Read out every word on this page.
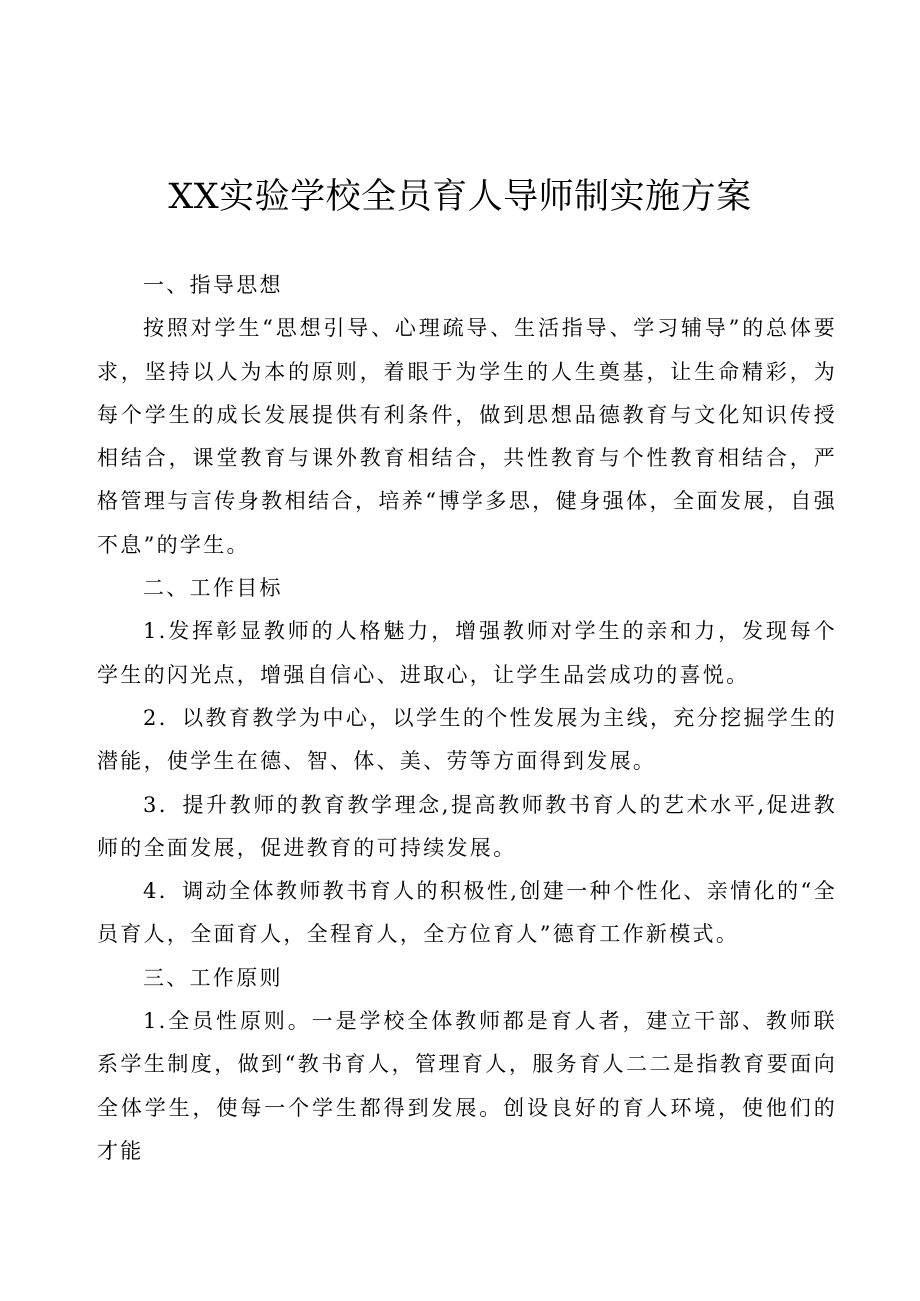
XX实验学校全员育人导师制实施方案

一、指导思想

按照对学生“思想引导、心理疏导、生活指导、学习辅导”的总体要求，坚持以人为本的原则，着眼于为学生的人生奠基，让生命精彩，为每个学生的成长发展提供有利条件，做到思想品德教育与文化知识传授相结合，课堂教育与课外教育相结合，共性教育与个性教育相结合，严格管理与言传身教相结合，培养“博学多思，健身强体，全面发展，自强不息”的学生。

二、工作目标

1.发挥彰显教师的人格魅力，增强教师对学生的亲和力，发现每个学生的闪光点，增强自信心、进取心，让学生品尝成功的喜悦。

2．以教育教学为中心，以学生的个性发展为主线，充分挖掘学生的潜能，使学生在德、智、体、美、劳等方面得到发展。

3．提升教师的教育教学理念,提高教师教书育人的艺术水平,促进教师的全面发展，促进教育的可持续发展。

4．调动全体教师教书育人的积极性,创建一种个性化、亲情化的“全员育人，全面育人，全程育人，全方位育人”德育工作新模式。

三、工作原则

1.全员性原则。一是学校全体教师都是育人者，建立干部、教师联系学生制度，做到“教书育人，管理育人，服务育人二二是指教育要面向全体学生，使每一个学生都得到发展。创设良好的育人环境，使他们的才能
